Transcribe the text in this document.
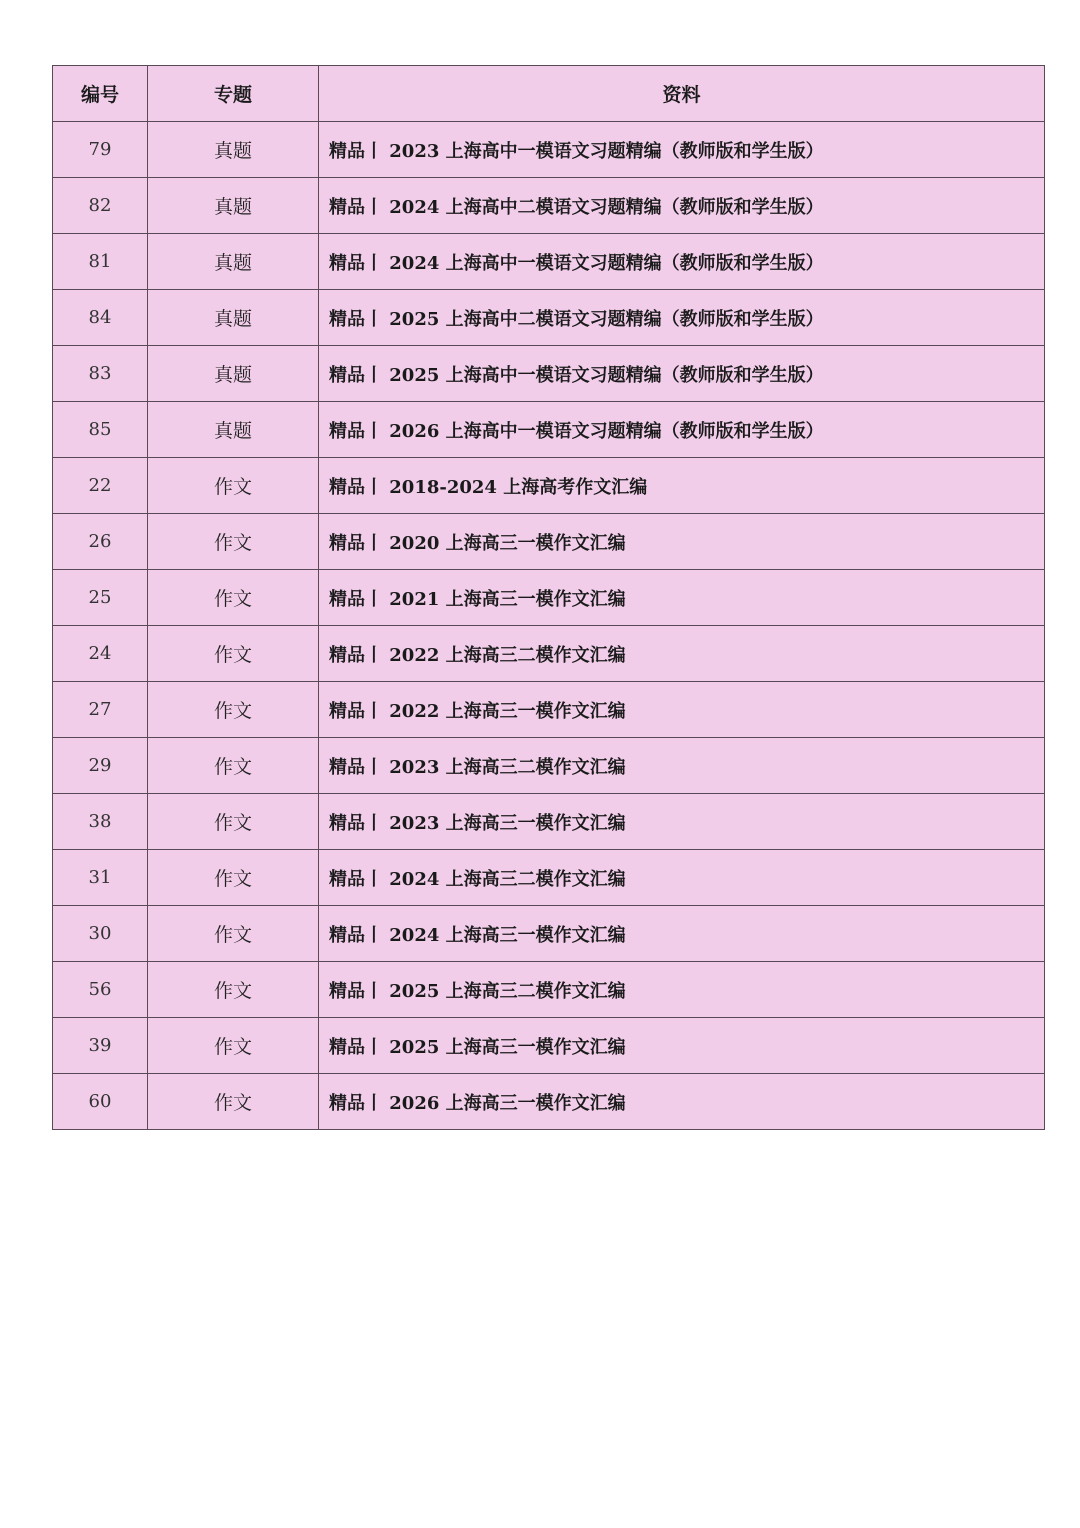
编号	专题	资料
79	真题	精品丨 2023 上海高中一模语文习题精编（教师版和学生版）
82	真题	精品丨 2024 上海高中二模语文习题精编（教师版和学生版）
81	真题	精品丨 2024 上海高中一模语文习题精编（教师版和学生版）
84	真题	精品丨 2025 上海高中二模语文习题精编（教师版和学生版）
83	真题	精品丨 2025 上海高中一模语文习题精编（教师版和学生版）
85	真题	精品丨 2026 上海高中一模语文习题精编（教师版和学生版）
22	作文	精品丨 2018-2024 上海高考作文汇编
26	作文	精品丨 2020 上海高三一模作文汇编
25	作文	精品丨 2021 上海高三一模作文汇编
24	作文	精品丨 2022 上海高三二模作文汇编
27	作文	精品丨 2022 上海高三一模作文汇编
29	作文	精品丨 2023 上海高三二模作文汇编
38	作文	精品丨 2023 上海高三一模作文汇编
31	作文	精品丨 2024 上海高三二模作文汇编
30	作文	精品丨 2024 上海高三一模作文汇编
56	作文	精品丨 2025 上海高三二模作文汇编
39	作文	精品丨 2025 上海高三一模作文汇编
60	作文	精品丨 2026 上海高三一模作文汇编
